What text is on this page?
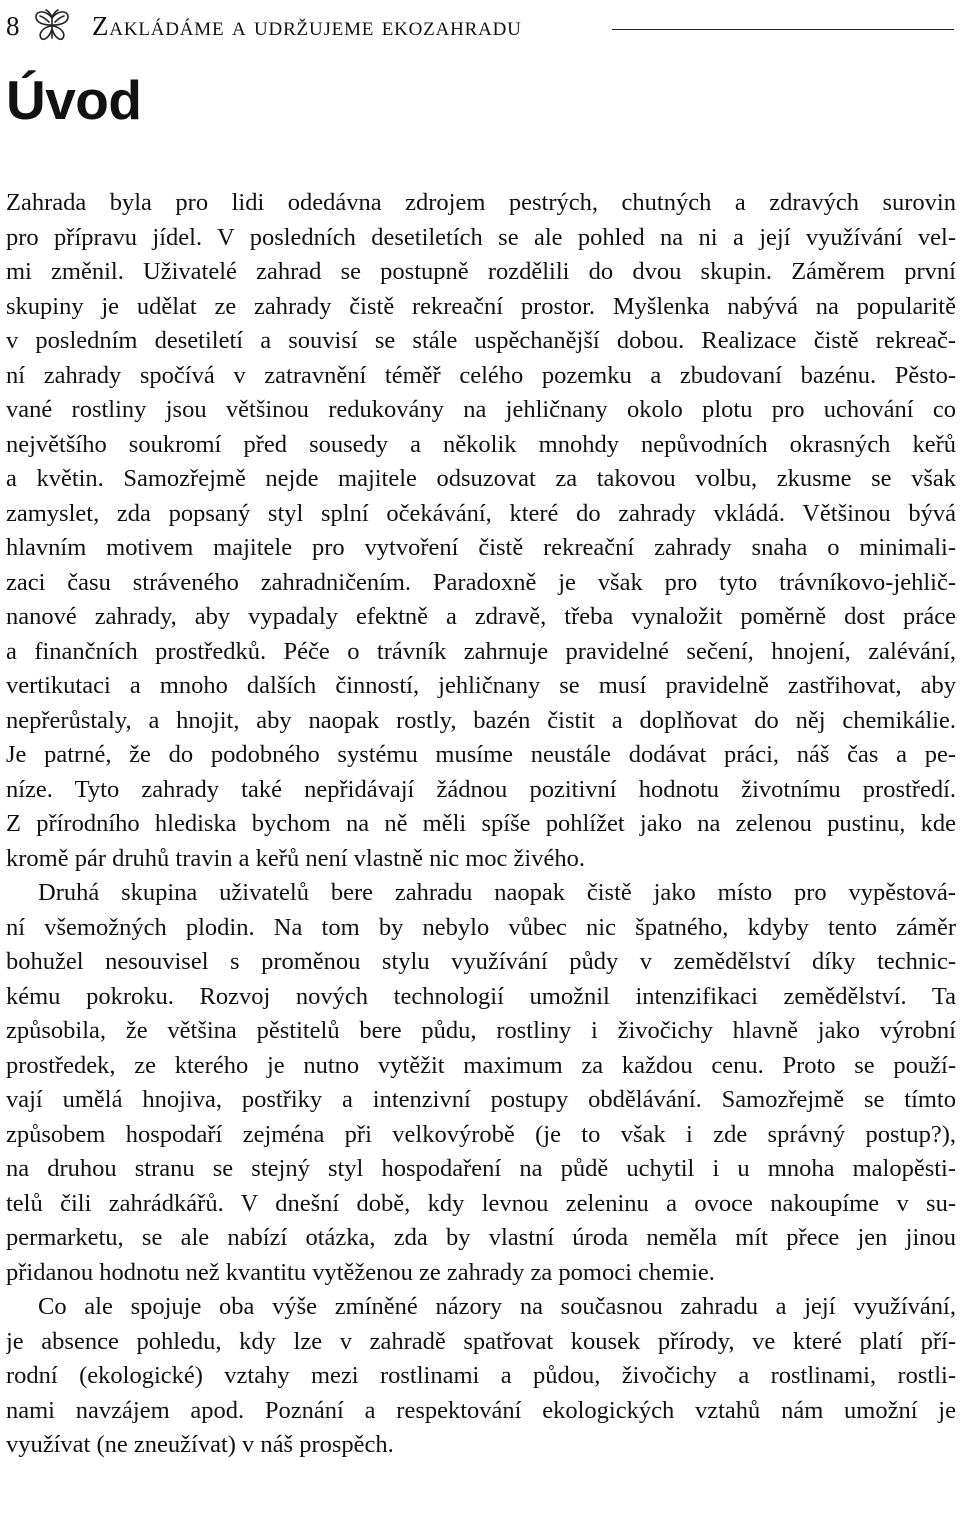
8	Zakládáme a udržujeme ekozahradu
Úvod

Zahrada byla pro lidi odedávna zdrojem pestrých, chutných a zdravých surovin
pro přípravu jídel. V posledních desetiletích se ale pohled na ni a její využívání vel-
mi změnil. Uživatelé zahrad se postupně rozdělili do dvou skupin. Záměrem první
skupiny je udělat ze zahrady čistě rekreační prostor. Myšlenka nabývá na popularitě
v posledním desetiletí a souvisí se stále uspěchanější dobou. Realizace čistě rekreač-
ní zahrady spočívá v zatravnění téměř celého pozemku a zbudovaní bazénu. Pěsto-
vané rostliny jsou většinou redukovány na jehličnany okolo plotu pro uchování co
největšího soukromí před sousedy a několik mnohdy nepůvodních okrasných keřů
a květin. Samozřejmě nejde majitele odsuzovat za takovou volbu, zkusme se však
zamyslet, zda popsaný styl splní očekávání, které do zahrady vkládá. Většinou bývá
hlavním motivem majitele pro vytvoření čistě rekreační zahrady snaha o minimali-
zaci času stráveného zahradničením. Paradoxně je však pro tyto trávníkovo-jehlič-
nanové zahrady, aby vypadaly efektně a zdravě, třeba vynaložit poměrně dost práce
a finančních prostředků. Péče o trávník zahrnuje pravidelné sečení, hnojení, zalévání,
vertikutaci a mnoho dalších činností, jehličnany se musí pravidelně zastřihovat, aby
nepřerůstaly, a hnojit, aby naopak rostly, bazén čistit a doplňovat do něj chemikálie.
Je patrné, že do podobného systému musíme neustále dodávat práci, náš čas a pe-
níze. Tyto zahrady také nepřidávají žádnou pozitivní hodnotu životnímu prostředí.
Z přírodního hlediska bychom na ně měli spíše pohlížet jako na zelenou pustinu, kde
kromě pár druhů travin a keřů není vlastně nic moc živého.

Druhá skupina uživatelů bere zahradu naopak čistě jako místo pro vypěstová-
ní všemožných plodin. Na tom by nebylo vůbec nic špatného, kdyby tento záměr
bohužel nesouvisel s proměnou stylu využívání půdy v zemědělství díky technic-
kému pokroku. Rozvoj nových technologií umožnil intenzifikaci zemědělství. Ta
způsobila, že většina pěstitelů bere půdu, rostliny i živočichy hlavně jako výrobní
prostředek, ze kterého je nutno vytěžit maximum za každou cenu. Proto se použí-
vají umělá hnojiva, postřiky a intenzivní postupy obdělávání. Samozřejmě se tímto
způsobem hospodaří zejména při velkovýrobě (je to však i zde správný postup?),
na druhou stranu se stejný styl hospodaření na půdě uchytil i u mnoha malopěsti-
telů čili zahrádkářů. V dnešní době, kdy levnou zeleninu a ovoce nakoupíme v su-
permarketu, se ale nabízí otázka, zda by vlastní úroda neměla mít přece jen jinou
přidanou hodnotu než kvantitu vytěženou ze zahrady za pomoci chemie.

Co ale spojuje oba výše zmíněné názory na současnou zahradu a její využívání,
je absence pohledu, kdy lze v zahradě spatřovat kousek přírody, ve které platí pří-
rodní (ekologické) vztahy mezi rostlinami a půdou, živočichy a rostlinami, rostli-
nami navzájem apod. Poznání a respektování ekologických vztahů nám umožní je
využívat (ne zneužívat) v náš prospěch.
